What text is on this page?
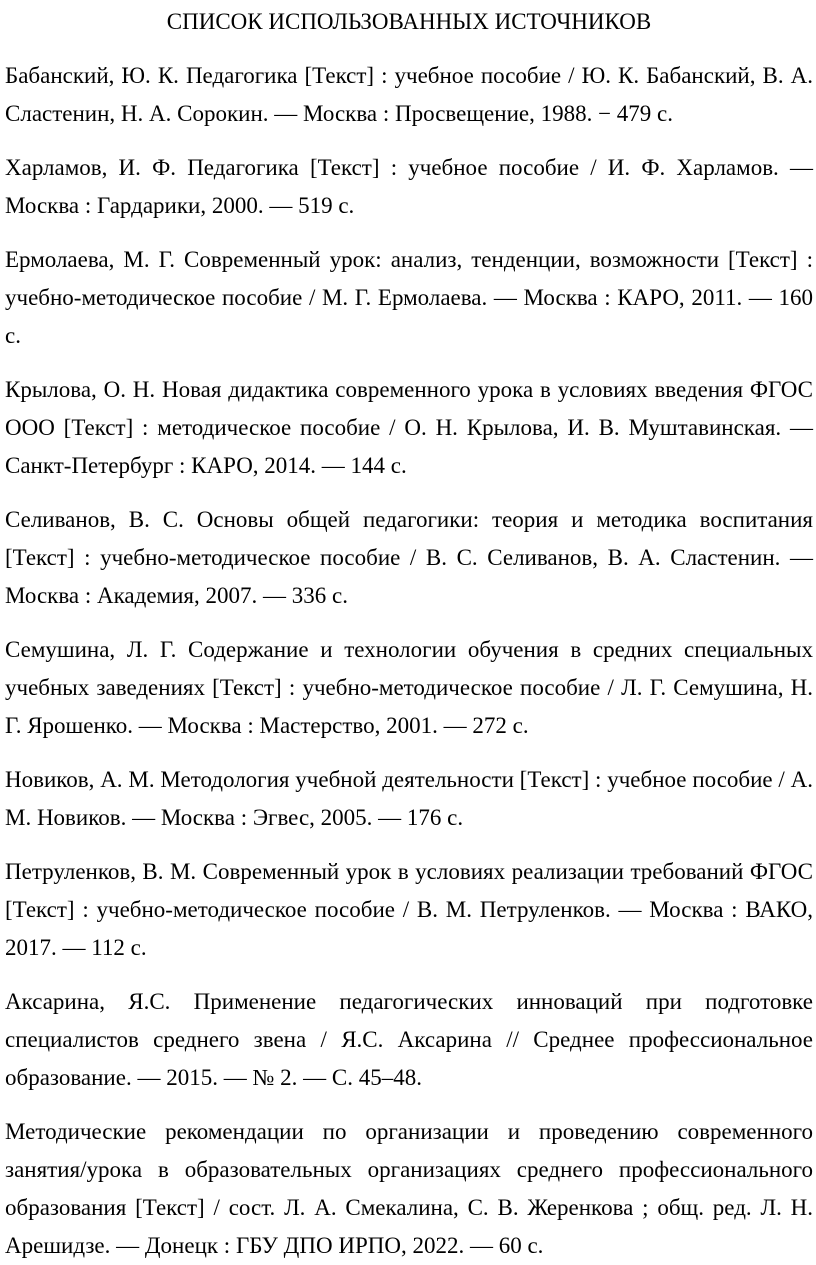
СПИСОК ИСПОЛЬЗОВАННЫХ ИСТОЧНИКОВ

Бабанский, Ю. К. Педагогика [Текст] : учебное пособие / Ю. К. Бабанский, В. А. Сластенин, Н. А. Сорокин. — Москва : Просвещение, 1988. − 479 с.

Харламов, И. Ф. Педагогика [Текст] : учебное пособие / И. Ф. Харламов. — Москва : Гардарики, 2000. — 519 с.

Ермолаева, М. Г. Современный урок: анализ, тенденции, возможности [Текст] : учебно-методическое пособие / М. Г. Ермолаева. — Москва : КАРО, 2011. — 160 с.

Крылова, О. Н. Новая дидактика современного урока в условиях введения ФГОС ООО [Текст] : методическое пособие / О. Н. Крылова, И. В. Муштавинская. — Санкт-Петербург : КАРО, 2014. — 144 с.

Селиванов, В. С. Основы общей педагогики: теория и методика воспитания [Текст] : учебно-методическое пособие / В. С. Селиванов, В. А. Сластенин. — Москва : Академия, 2007. — 336 с.

Семушина, Л. Г. Содержание и технологии обучения в средних специальных учебных заведениях [Текст] : учебно-методическое пособие / Л. Г. Семушина, Н. Г. Ярошенко. — Москва : Мастерство, 2001. — 272 с.

Новиков, А. М. Методология учебной деятельности [Текст] : учебное пособие / А. М. Новиков. — Москва : Эгвес, 2005. — 176 с.

Петруленков, В. М. Современный урок в условиях реализации требований ФГОС [Текст] : учебно-методическое пособие / В. М. Петруленков. — Москва : ВАКО, 2017. — 112 с.

Аксарина, Я.С. Применение педагогических инноваций при подготовке специалистов среднего звена / Я.С. Аксарина // Среднее профессиональное образование. — 2015. — № 2. — С. 45–48.

Методические рекомендации по организации и проведению современного занятия/урока в образовательных организациях среднего профессионального образования [Текст] / сост. Л. А. Смекалина, С. В. Жеренкова ; общ. ред. Л. Н. Арешидзе. — Донецк : ГБУ ДПО ИРПО, 2022. — 60 с.
